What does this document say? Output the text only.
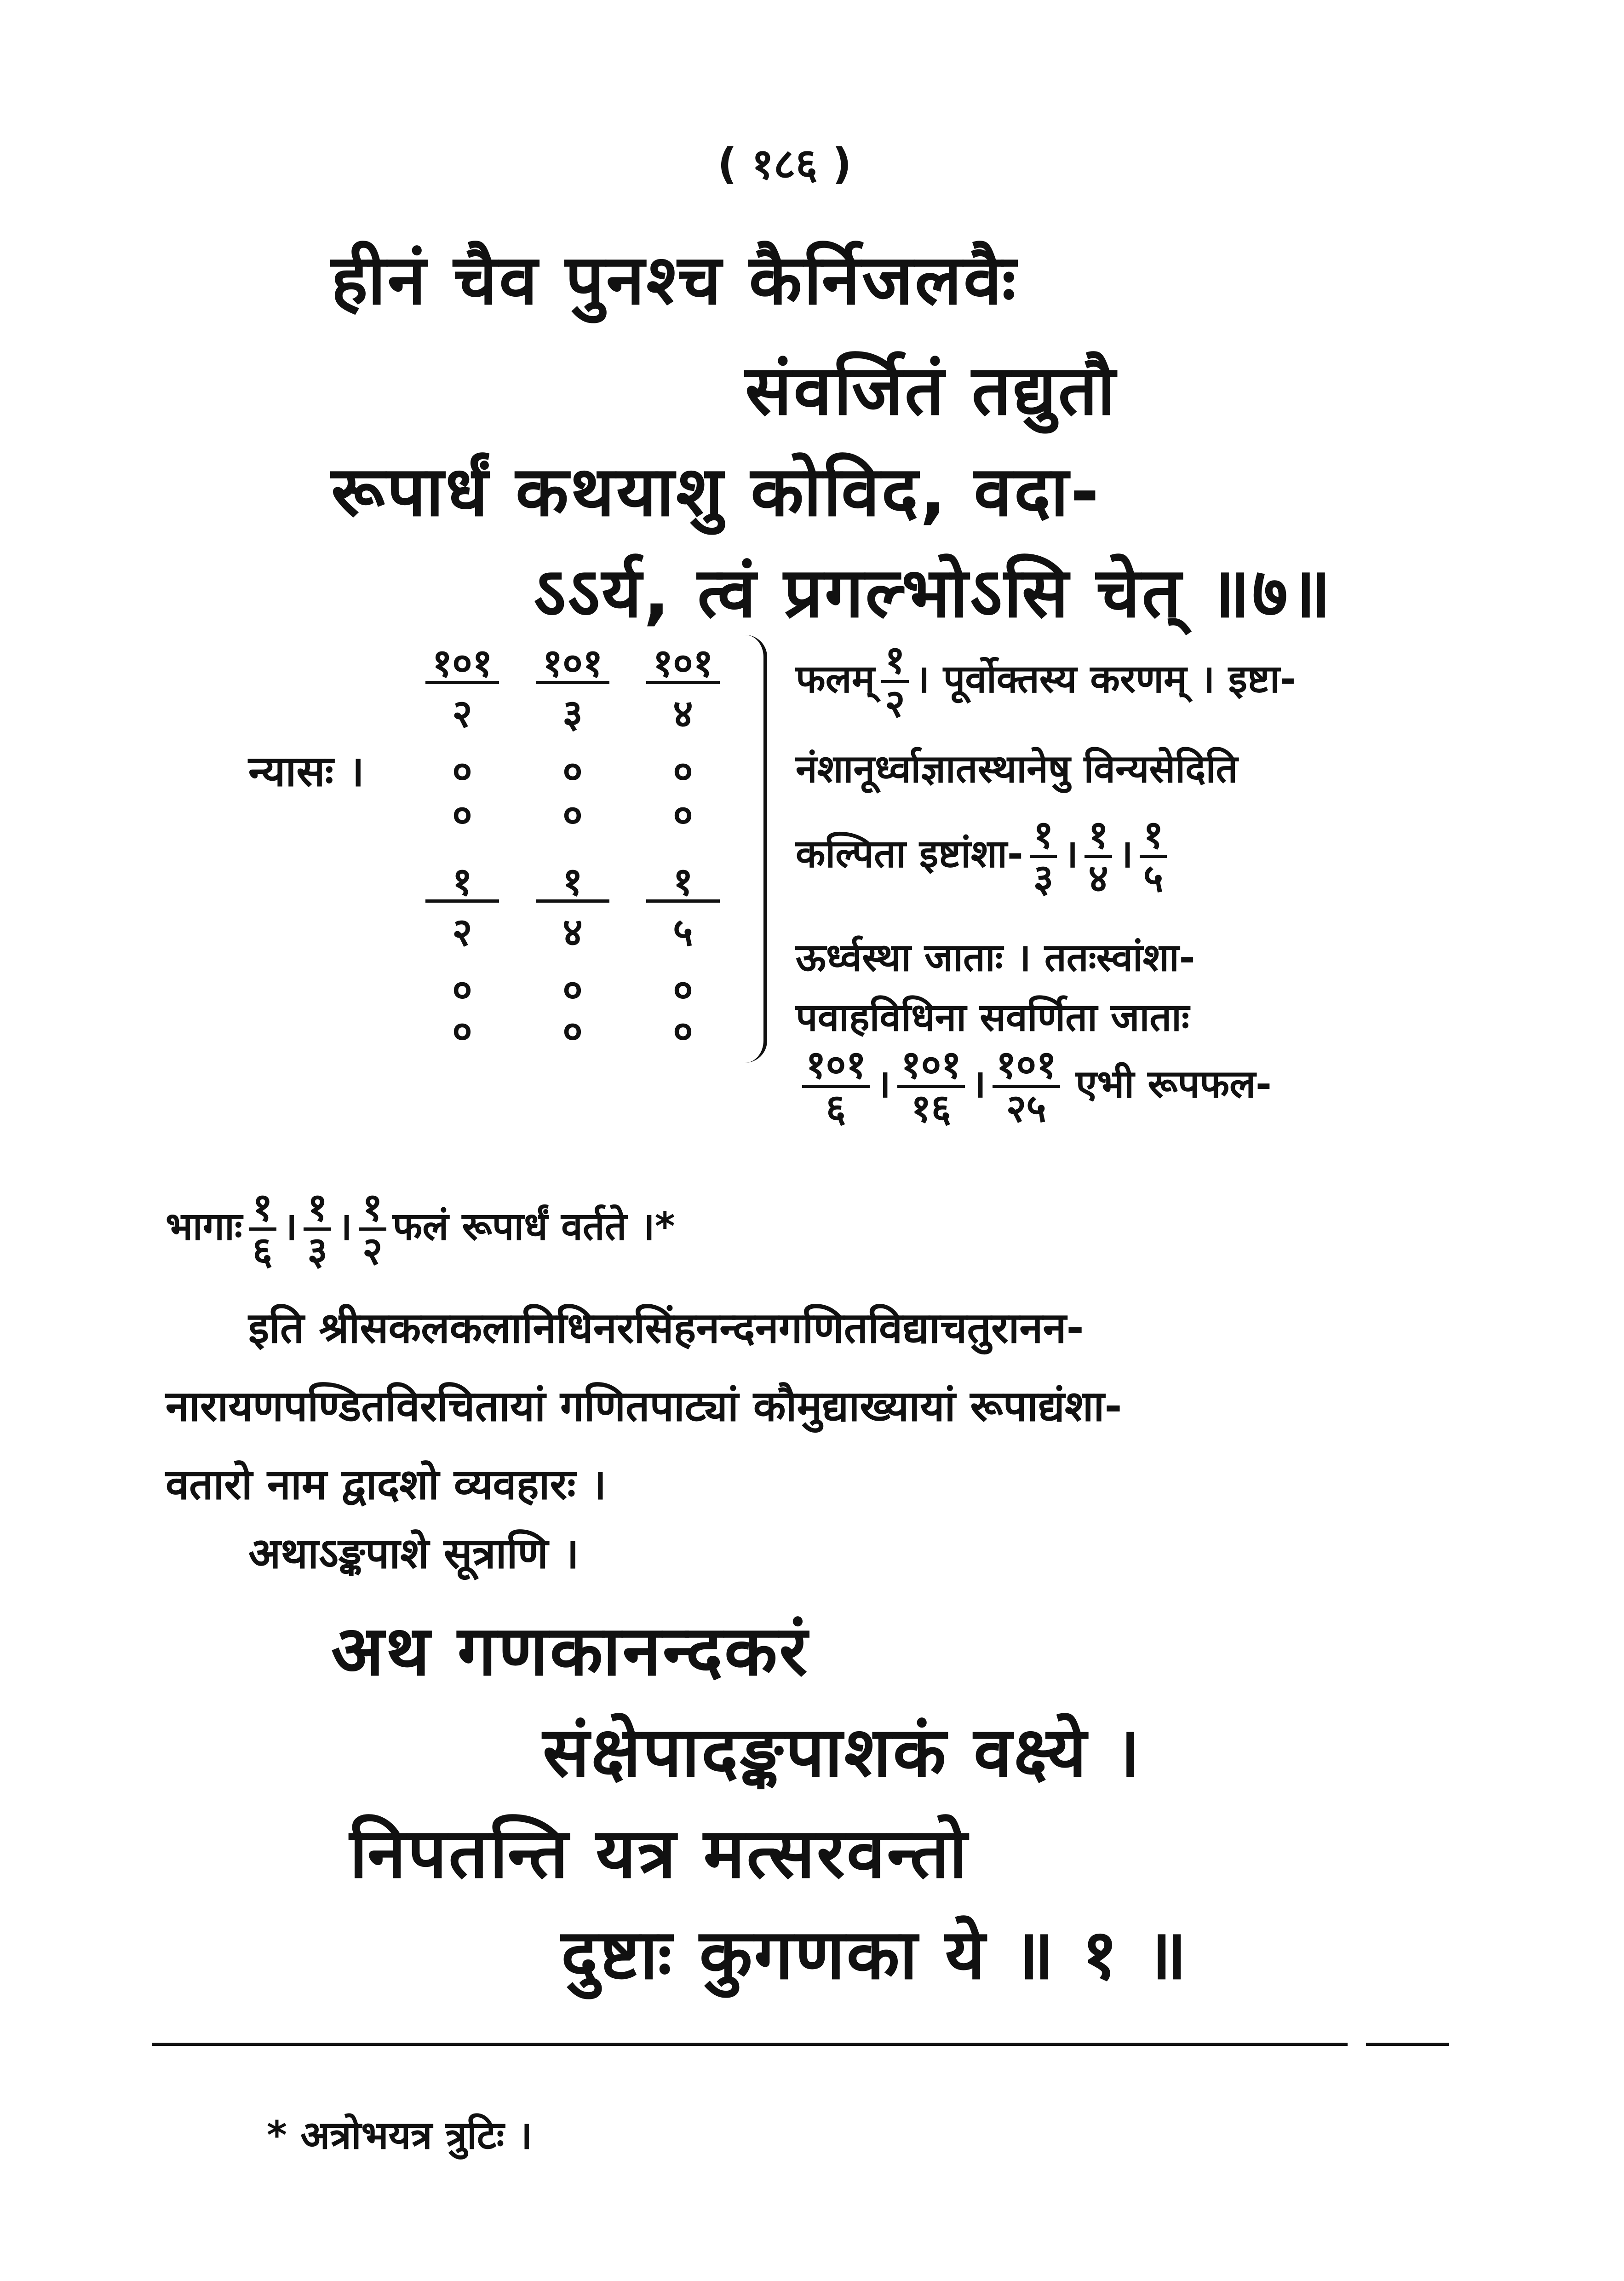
( १८६ )
हीनं चैव पुनश्च कैर्निजलवैः
संवर्जितं तद्युतौ
रूपार्धं कथयाशु कोविद, वदा-
ऽऽर्य, त्वं प्रगल्भोऽसि चेत् ॥७॥
न्यासः ।
१०१
२
०
०
१
२
०
०
१०१
३
०
०
१
४
०
०
१०१
४
०
०
१
५
०
०
फलम् $\frac{१}{२}$ । पूर्वोक्तस्य करणम् । इष्टा-
नंशानूर्ध्वाज्ञातस्थानेषु विन्यसेदिति
कल्पिता इष्टांशा- $\frac{१}{३}$ । $\frac{१}{४}$ । $\frac{१}{५}$
ऊर्ध्वस्था जाताः । ततःस्वांशा-
पवाहविधिना सवर्णिता जाताः
$\frac{१०१}{६}$ । $\frac{१०१}{१६}$ । $\frac{१०१}{२५}$ एभी रूपफल-
भागाः $\frac{१}{६}$ । $\frac{१}{३}$ । $\frac{१}{२}$ फलं रूपार्धं वर्तते ।*
इति श्रीसकलकलानिधिनरसिंहनन्दनगणितविद्याचतुरानन-
नारायणपण्डितविरचितायां गणितपाट्यां कौमुद्याख्यायां रूपाद्यंशा-
वतारो नाम द्वादशो व्यवहारः ।
अथाऽङ्कपाशे सूत्राणि ।
अथ गणकानन्दकरं
संक्षेपादङ्कपाशकं वक्ष्ये ।
निपतन्ति यत्र मत्सरवन्तो
दुष्टाः कुगणका ये ॥ १ ॥
* अत्रोभयत्र त्रुटिः ।
